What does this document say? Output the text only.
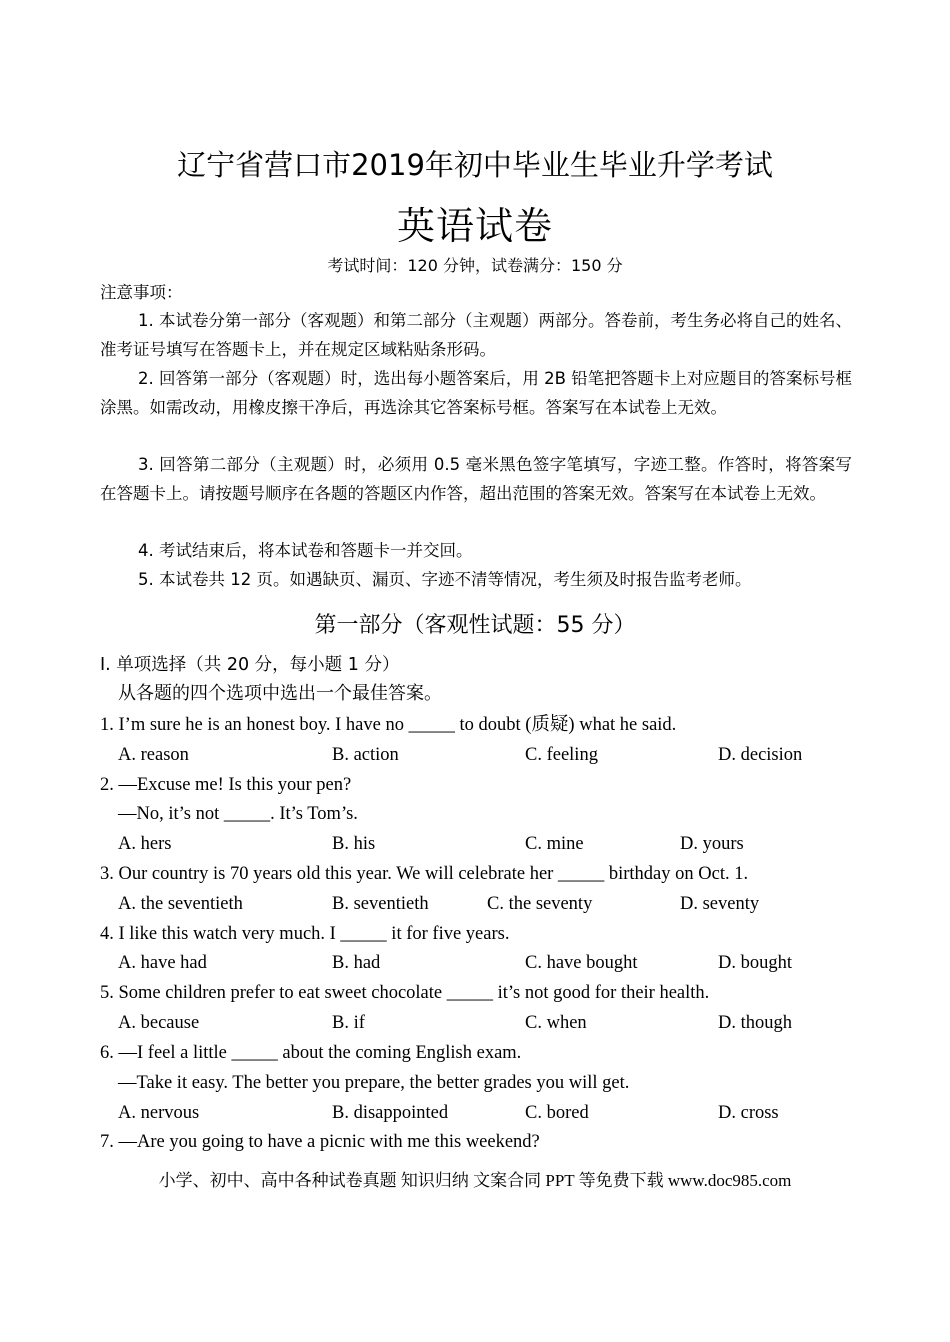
辽宁省营口市2019年初中毕业生毕业升学考试
英语试卷
考试时间：120 分钟，试卷满分：150 分
注意事项：
1. 本试卷分第一部分（客观题）和第二部分（主观题）两部分。答卷前，考生务必将自己的姓名、准考证号填写在答题卡上，并在规定区域粘贴条形码。
2. 回答第一部分（客观题）时，选出每小题答案后，用 2B 铅笔把答题卡上对应题目的答案标号框涂黑。如需改动，用橡皮擦干净后，再选涂其它答案标号框。答案写在本试卷上无效。
3. 回答第二部分（主观题）时，必须用 0.5 毫米黑色签字笔填写，字迹工整。作答时，将答案写在答题卡上。请按题号顺序在各题的答题区内作答，超出范围的答案无效。答案写在本试卷上无效。
4. 考试结束后，将本试卷和答题卡一并交回。
5. 本试卷共 12 页。如遇缺页、漏页、字迹不清等情况，考生须及时报告监考老师。
第一部分（客观性试题：55 分）
I. 单项选择（共 20 分，每小题 1 分）
从各题的四个选项中选出一个最佳答案。
1. I’m sure he is an honest boy. I have no _____ to doubt (质疑) what he said.
A. reason	B. action	C. feeling	D. decision
2. —Excuse me! Is this your pen?
—No, it’s not _____. It’s Tom’s.
A. hers	B. his	C. mine	D. yours
3. Our country is 70 years old this year. We will celebrate her _____ birthday on Oct. 1.
A. the seventieth	B. seventieth	C. the seventy	D. seventy
4. I like this watch very much. I _____ it for five years.
A. have had	B. had	C. have bought	D. bought
5. Some children prefer to eat sweet chocolate _____ it’s not good for their health.
A. because	B. if	C. when	D. though
6. —I feel a little _____ about the coming English exam.
—Take it easy. The better you prepare, the better grades you will get.
A. nervous	B. disappointed	C. bored	D. cross
7. —Are you going to have a picnic with me this weekend?
小学、初中、高中各种试卷真题 知识归纳 文案合同 PPT 等免费下载 www.doc985.com
